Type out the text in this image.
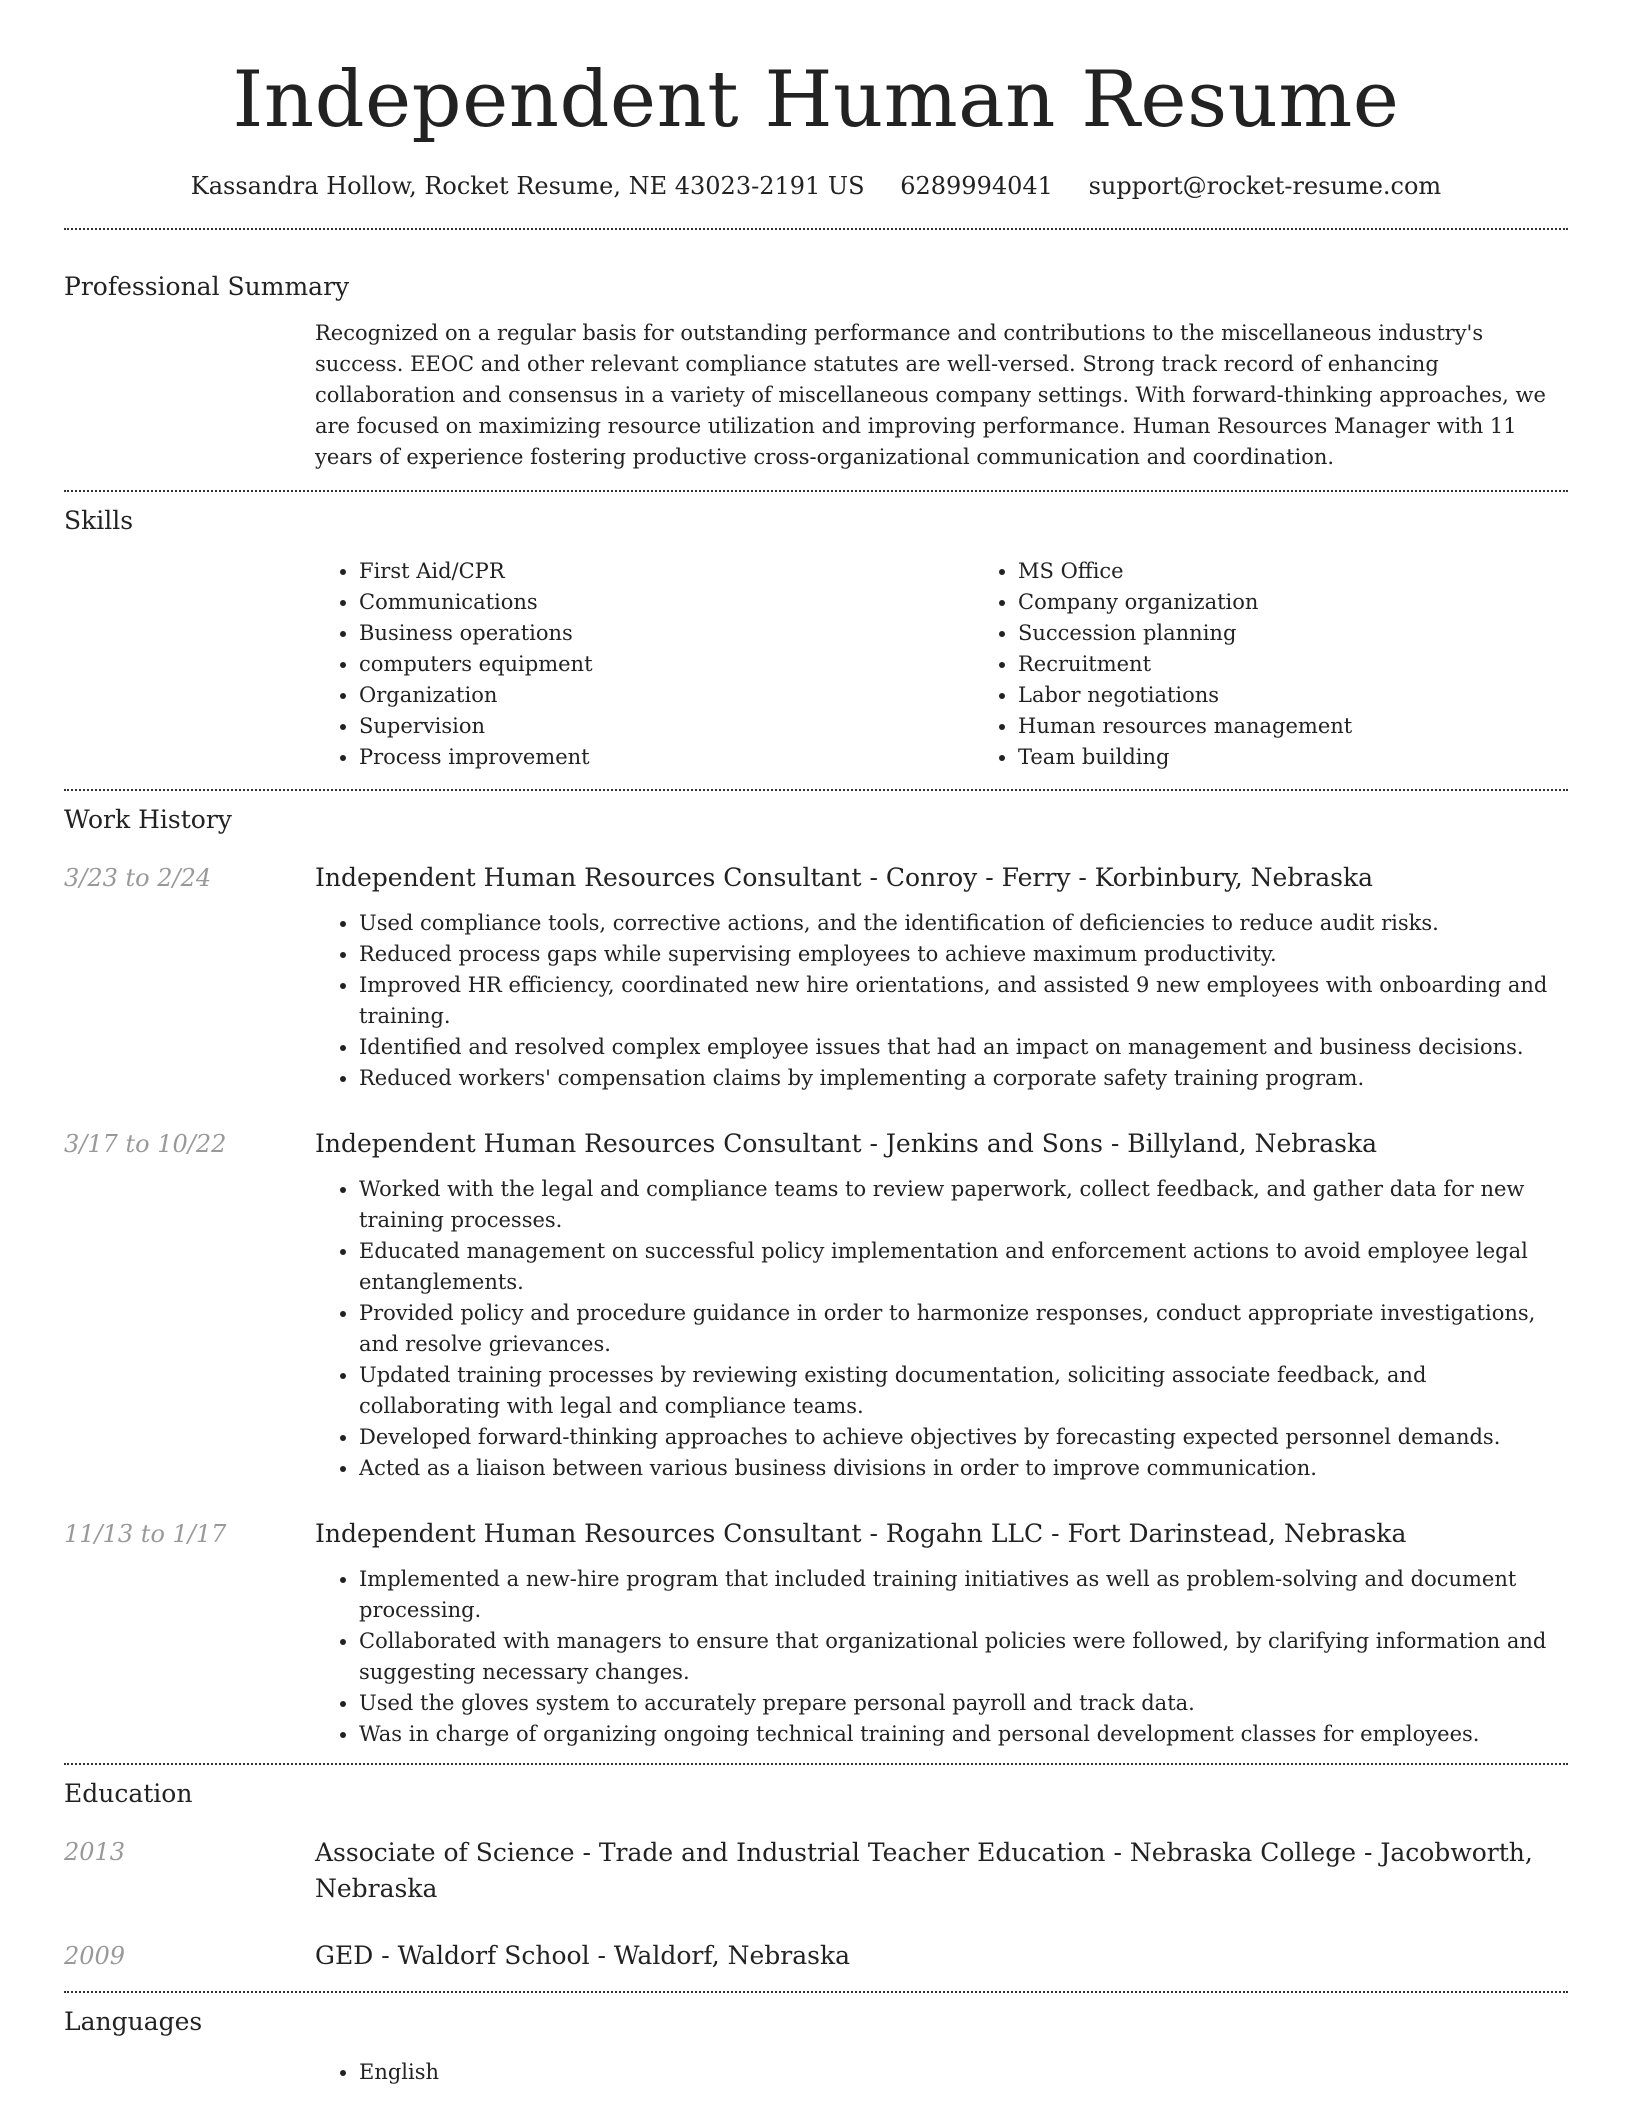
Independent Human Resume
Kassandra Hollow, Rocket Resume, NE 43023-2191 US 6289994041 support@rocket-resume.com
Professional Summary

Recognized on a regular basis for outstanding performance and contributions to the miscellaneous industry's success. EEOC and other relevant compliance statutes are well-versed. Strong track record of enhancing collaboration and consensus in a variety of miscellaneous company settings. With forward-thinking approaches, we are focused on maximizing resource utilization and improving performance. Human Resources Manager with 11 years of experience fostering productive cross-organizational communication and coordination.

Skills
• First Aid/CPR
• Communications
• Business operations
• computers equipment
• Organization
• Supervision
• Process improvement
• MS Office
• Company organization
• Succession planning
• Recruitment
• Labor negotiations
• Human resources management
• Team building
Work History
3/23 to 2/24	Independent Human Resources Consultant - Conroy - Ferry - Korbinbury, Nebraska
• Used compliance tools, corrective actions, and the identification of deficiencies to reduce audit risks.
• Reduced process gaps while supervising employees to achieve maximum productivity.
• Improved HR efficiency, coordinated new hire orientations, and assisted 9 new employees with onboarding and training.
• Identified and resolved complex employee issues that had an impact on management and business decisions.
• Reduced workers' compensation claims by implementing a corporate safety training program.
3/17 to 10/22	Independent Human Resources Consultant - Jenkins and Sons - Billyland, Nebraska
• Worked with the legal and compliance teams to review paperwork, collect feedback, and gather data for new training processes.
• Educated management on successful policy implementation and enforcement actions to avoid employee legal entanglements.
• Provided policy and procedure guidance in order to harmonize responses, conduct appropriate investigations, and resolve grievances.
• Updated training processes by reviewing existing documentation, soliciting associate feedback, and collaborating with legal and compliance teams.
• Developed forward-thinking approaches to achieve objectives by forecasting expected personnel demands.
• Acted as a liaison between various business divisions in order to improve communication.
11/13 to 1/17	Independent Human Resources Consultant - Rogahn LLC - Fort Darinstead, Nebraska
• Implemented a new-hire program that included training initiatives as well as problem-solving and document processing.
• Collaborated with managers to ensure that organizational policies were followed, by clarifying information and suggesting necessary changes.
• Used the gloves system to accurately prepare personal payroll and track data.
• Was in charge of organizing ongoing technical training and personal development classes for employees.
Education
2013	Associate of Science - Trade and Industrial Teacher Education - Nebraska College - Jacobworth, Nebraska
2009	GED - Waldorf School - Waldorf, Nebraska
Languages
• English
